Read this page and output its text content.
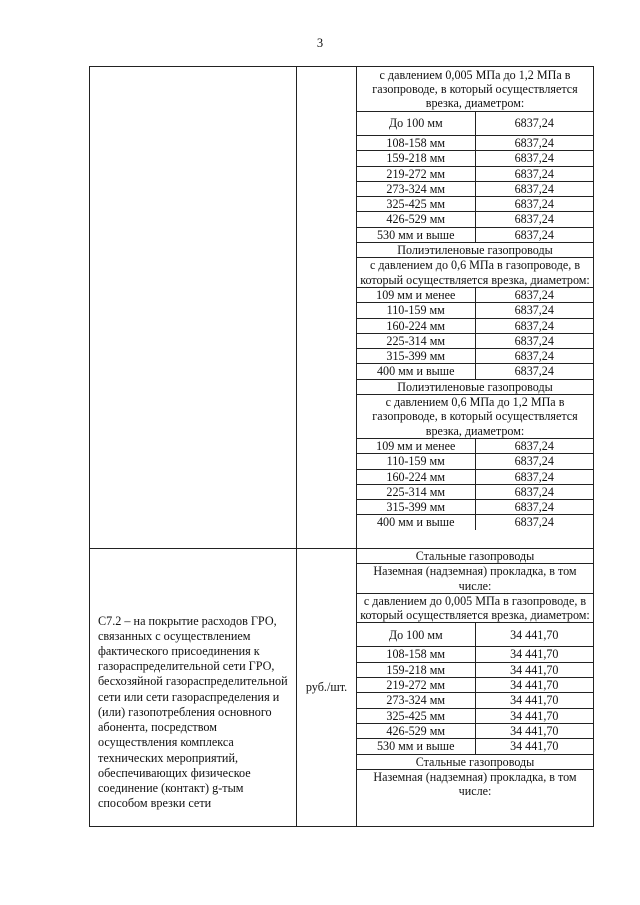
3

с давлением 0,005 МПа до 1,2 МПа в газопроводе, в который осуществляется врезка, диаметром:
До 100 мм	6837,24
108-158 мм	6837,24
159-218 мм	6837,24
219-272 мм	6837,24
273-324 мм	6837,24
325-425 мм	6837,24
426-529 мм	6837,24
530 мм и выше	6837,24
Полиэтиленовые газопроводы
с давлением до 0,6 МПа в газопроводе, в который осуществляется врезка, диаметром:
109 мм и менее	6837,24
110-159 мм	6837,24
160-224 мм	6837,24
225-314 мм	6837,24
315-399 мм	6837,24
400 мм и выше	6837,24
Полиэтиленовые газопроводы
с давлением 0,6 МПа до 1,2 МПа в газопроводе, в который осуществляется врезка, диаметром:
109 мм и менее	6837,24
110-159 мм	6837,24
160-224 мм	6837,24
225-314 мм	6837,24
315-399 мм	6837,24
400 мм и выше	6837,24

С7.2 – на покрытие расходов ГРО, связанных с осуществлением фактического присоединения к газораспределительной сети ГРО, бесхозяйной газораспределительной сети или сети газораспределения и (или) газопотребления основного абонента, посредством осуществления комплекса технических мероприятий, обеспечивающих физическое соединение (контакт) g-тым способом врезки сети

руб./шт.

Стальные газопроводы
Наземная (надземная) прокладка, в том числе:
с давлением до 0,005 МПа в газопроводе, в который осуществляется врезка, диаметром:
До 100 мм	34 441,70
108-158 мм	34 441,70
159-218 мм	34 441,70
219-272 мм	34 441,70
273-324 мм	34 441,70
325-425 мм	34 441,70
426-529 мм	34 441,70
530 мм и выше	34 441,70
Стальные газопроводы
Наземная (надземная) прокладка, в том числе:
